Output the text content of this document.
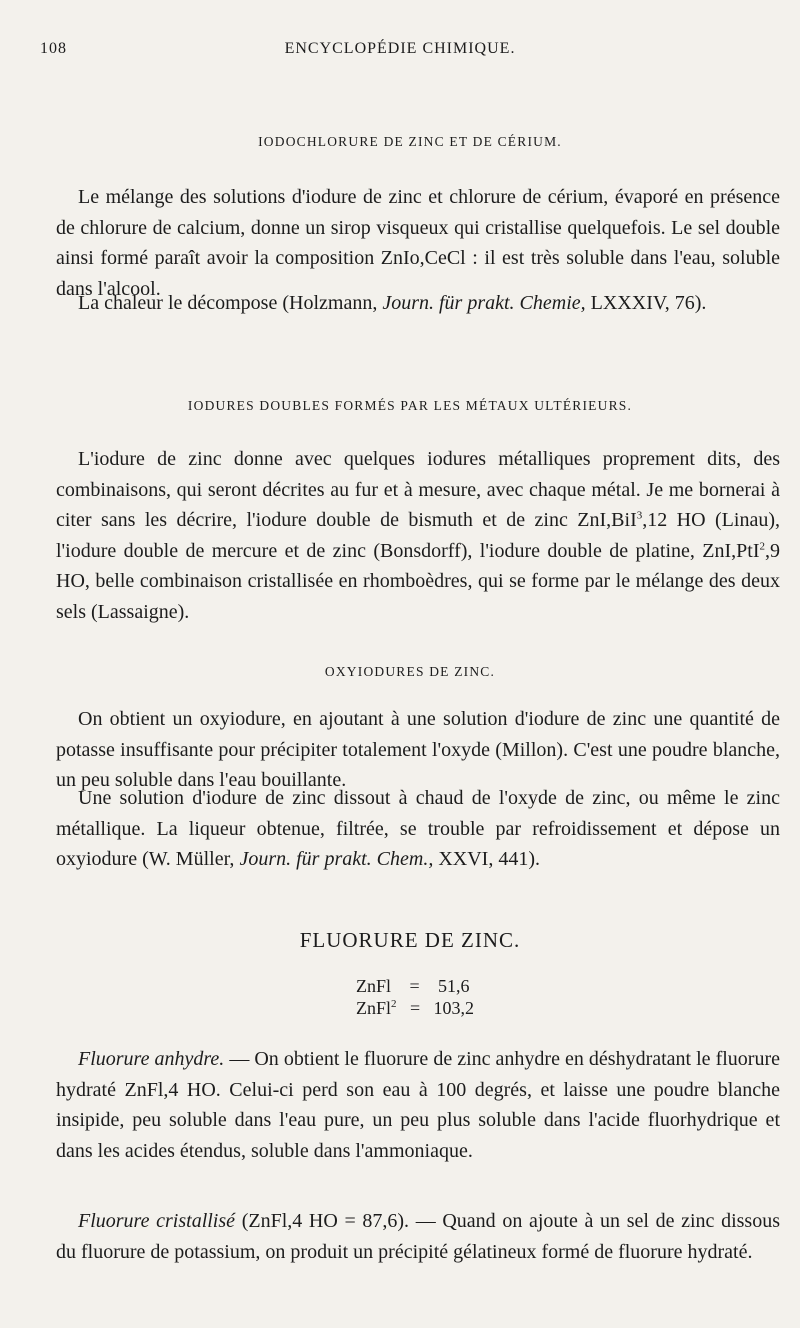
108	ENCYCLOPÉDIE CHIMIQUE.
IODOCHLORURE DE ZINC ET DE CÉRIUM.

Le mélange des solutions d'iodure de zinc et chlorure de cérium, évaporé en présence de chlorure de calcium, donne un sirop visqueux qui cristallise quelquefois. Le sel double ainsi formé paraît avoir la composition ZnIo,CeCl : il est très soluble dans l'eau, soluble dans l'alcool.

La chaleur le décompose (Holzmann, Journ. für prakt. Chemie, LXXXIV, 76).

IODURES DOUBLES FORMÉS PAR LES MÉTAUX ULTÉRIEURS.

L'iodure de zinc donne avec quelques iodures métalliques proprement dits, des combinaisons, qui seront décrites au fur et à mesure, avec chaque métal. Je me bornerai à citer sans les décrire, l'iodure double de bismuth et de zinc ZnI,BiI$^3$,12 HO (Linau), l'iodure double de mercure et de zinc (Bonsdorff), l'iodure double de platine, ZnI,PtI$^2$,9 HO, belle combinaison cristallisée en rhomboèdres, qui se forme par le mélange des deux sels (Lassaigne).

OXYIODURES DE ZINC.

On obtient un oxyiodure, en ajoutant à une solution d'iodure de zinc une quantité de potasse insuffisante pour précipiter totalement l'oxyde (Millon). C'est une poudre blanche, un peu soluble dans l'eau bouillante.

Une solution d'iodure de zinc dissout à chaud de l'oxyde de zinc, ou même le zinc métallique. La liqueur obtenue, filtrée, se trouble par refroidissement et dépose un oxyiodure (W. Müller, Journ. für prakt. Chem., XXVI, 441).

FLUORURE DE ZINC.
ZnFl = 51,6
ZnFl$^2$ = 103,2

Fluorure anhydre. — On obtient le fluorure de zinc anhydre en déshydratant le fluorure hydraté ZnFl,4 HO. Celui-ci perd son eau à 100 degrés, et laisse une poudre blanche insipide, peu soluble dans l'eau pure, un peu plus soluble dans l'acide fluorhydrique et dans les acides étendus, soluble dans l'ammoniaque.

Fluorure cristallisé (ZnFl,4 HO = 87,6). — Quand on ajoute à un sel de zinc dissous du fluorure de potassium, on produit un précipité gélatineux formé de fluorure hydraté.
